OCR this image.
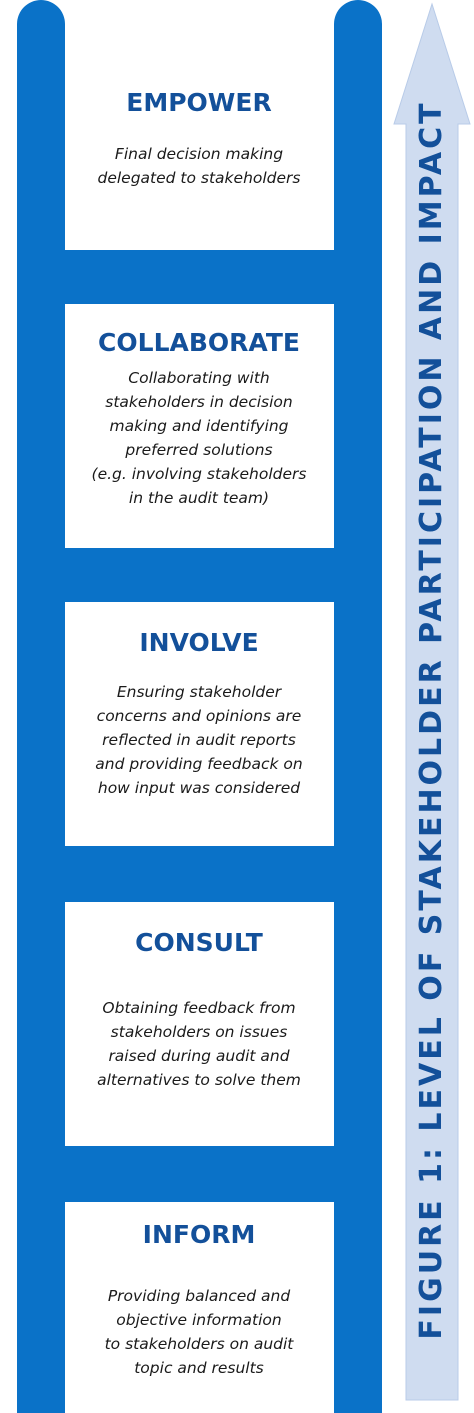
EMPOWER
Final decision making
delegated to stakeholders
COLLABORATE
Collaborating with
stakeholders in decision
making and identifying
preferred solutions
(e.g. involving stakeholders
in the audit team)
INVOLVE
Ensuring stakeholder
concerns and opinions are
reflected in audit reports
and providing feedback on
how input was considered
CONSULT
Obtaining feedback from
stakeholders on issues
raised during audit and
alternatives to solve them
INFORM
Providing balanced and
objective information
to stakeholders on audit
topic and results
FIGURE 1: LEVEL OF STAKEHOLDER PARTICIPATION AND IMPACT
